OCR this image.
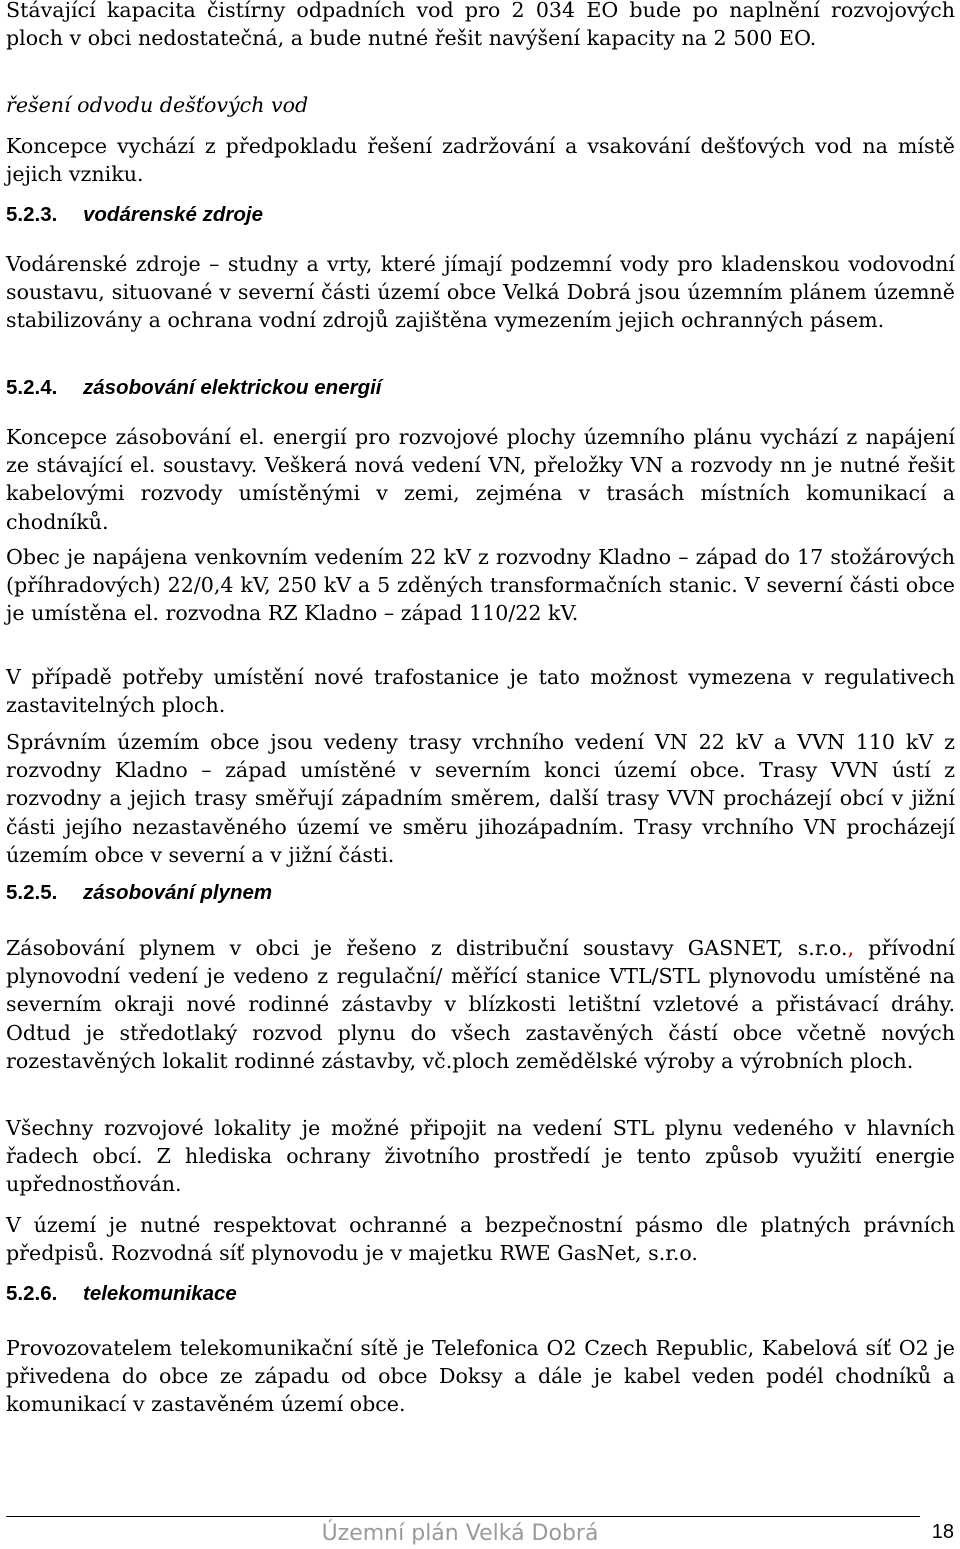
Stávající kapacita čistírny odpadních vod pro 2 034 EO bude po naplnění rozvojových ploch v obci nedostatečná, a bude nutné řešit navýšení kapacity na 2 500 EO.

řešení odvodu dešťových vod

Koncepce vychází z předpokladu řešení zadržování a vsakování dešťových vod na místě jejich vzniku.

5.2.3. vodárenské zdroje

Vodárenské zdroje – studny a vrty, které jímají podzemní vody pro kladenskou vodovodní soustavu, situované v severní části území obce Velká Dobrá jsou územním plánem územně stabilizovány a ochrana vodní zdrojů zajištěna vymezením jejich ochranných pásem.

5.2.4. zásobování elektrickou energií

Koncepce zásobování el. energií pro rozvojové plochy územního plánu vychází z napájení ze stávající el. soustavy. Veškerá nová vedení VN, přeložky VN a rozvody nn je nutné řešit kabelovými rozvody umístěnými v zemi, zejména v trasách místních komunikací a chodníků.

Obec je napájena venkovním vedením 22 kV z rozvodny Kladno – západ do 17 stožárových (příhradových) 22/0,4 kV, 250 kV a 5 zděných transformačních stanic. V severní části obce je umístěna el. rozvodna RZ Kladno – západ 110/22 kV.

V případě potřeby umístění nové trafostanice je tato možnost vymezena v regulativech zastavitelných ploch.

Správním územím obce jsou vedeny trasy vrchního vedení VN 22 kV a VVN 110 kV z rozvodny Kladno – západ umístěné v severním konci území obce. Trasy VVN ústí z rozvodny a jejich trasy směřují západním směrem, další trasy VVN procházejí obcí v jižní části jejího nezastavěného území ve směru jihozápadním. Trasy vrchního VN procházejí územím obce v severní a v jižní části.

5.2.5. zásobování plynem

Zásobování plynem v obci je řešeno z distribuční soustavy GASNET, s.r.o., přívodní plynovodní vedení je vedeno z regulační/ měřící stanice VTL/STL plynovodu umístěné na severním okraji nové rodinné zástavby v blízkosti letištní vzletové a přistávací dráhy. Odtud je středotlaký rozvod plynu do všech zastavěných částí obce včetně nových rozestavěných lokalit rodinné zástavby, vč.ploch zemědělské výroby a výrobních ploch.

Všechny rozvojové lokality je možné připojit na vedení STL plynu vedeného v hlavních řadech obcí. Z hlediska ochrany životního prostředí je tento způsob využití energie upřednostňován.

V území je nutné respektovat ochranné a bezpečnostní pásmo dle platných právních předpisů. Rozvodná síť plynovodu je v majetku RWE GasNet, s.r.o.

5.2.6. telekomunikace

Provozovatelem telekomunikační sítě je Telefonica O2 Czech Republic, Kabelová síť O2 je přivedena do obce ze západu od obce Doksy a dále je kabel veden podél chodníků a komunikací v zastavěném území obce.

Územní plán Velká Dobrá	18
